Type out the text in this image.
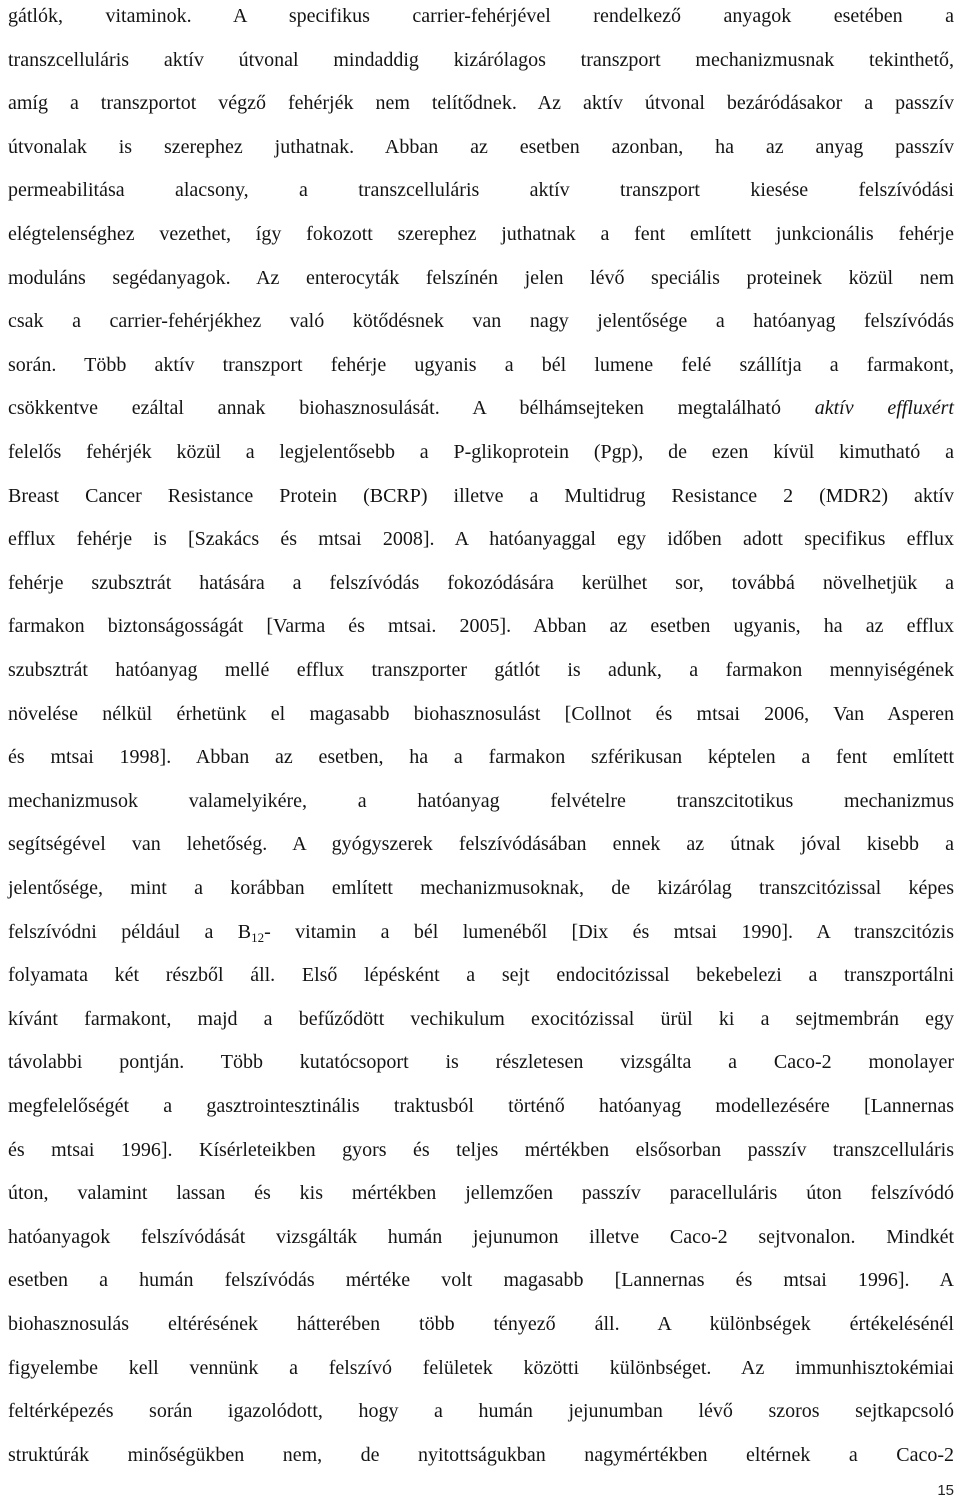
gátlók, vitaminok. A specifikus carrier-fehérjével rendelkező anyagok esetében a
transzcelluláris aktív útvonal mindaddig kizárólagos transzport mechanizmusnak tekinthető,
amíg a transzportot végző fehérjék nem telítődnek. Az aktív útvonal bezáródásakor a passzív
útvonalak is szerephez juthatnak. Abban az esetben azonban, ha az anyag passzív
permeabilitása alacsony, a transzcelluláris aktív transzport kiesése felszívódási
elégtelenséghez vezethet, így fokozott szerephez juthatnak a fent említett junkcionális fehérje
moduláns segédanyagok. Az enterocyták felszínén jelen lévő speciális proteinek közül nem
csak a carrier-fehérjékhez való kötődésnek van nagy jelentősége a hatóanyag felszívódás
során. Több aktív transzport fehérje ugyanis a bél lumene felé szállítja a farmakont,
csökkentve ezáltal annak biohasznosulását. A bélhámsejteken megtalálható aktív effluxért
felelős fehérjék közül a legjelentősebb a P-glikoprotein (Pgp), de ezen kívül kimutható a
Breast Cancer Resistance Protein (BCRP) illetve a Multidrug Resistance 2 (MDR2) aktív
efflux fehérje is [Szakács és mtsai 2008]. A hatóanyaggal egy időben adott specifikus efflux
fehérje szubsztrát hatására a felszívódás fokozódására kerülhet sor, továbbá növelhetjük a
farmakon biztonságosságát [Varma és mtsai. 2005]. Abban az esetben ugyanis, ha az efflux
szubsztrát hatóanyag mellé efflux transzporter gátlót is adunk, a farmakon mennyiségének
növelése nélkül érhetünk el magasabb biohasznosulást [Collnot és mtsai 2006, Van Asperen
és mtsai 1998]. Abban az esetben, ha a farmakon szférikusan képtelen a fent említett
mechanizmusok valamelyikére, a hatóanyag felvételre transzcitotikus mechanizmus
segítségével van lehetőség. A gyógyszerek felszívódásában ennek az útnak jóval kisebb a
jelentősége, mint a korábban említett mechanizmusoknak, de kizárólag transzcitózissal képes
felszívódni például a $B_{12}-$ vitamin a bél lumenéből [Dix és mtsai 1990]. A transzcitózis
folyamata két részből áll. Első lépésként a sejt endocitózissal bekebelezi a transzportálni
kívánt farmakont, majd a befűződött vechikulum exocitózissal ürül ki a sejtmembrán egy
távolabbi pontján. Több kutatócsoport is részletesen vizsgálta a Caco-2 monolayer
megfelelőségét a gasztrointesztinális traktusból történő hatóanyag modellezésére [Lannernas
és mtsai 1996]. Kísérleteikben gyors és teljes mértékben elsősorban passzív transzcelluláris
úton, valamint lassan és kis mértékben jellemzően passzív paracelluláris úton felszívódó
hatóanyagok felszívódását vizsgálták humán jejunumon illetve Caco-2 sejtvonalon. Mindkét
esetben a humán felszívódás mértéke volt magasabb [Lannernas és mtsai 1996]. A
biohasznosulás eltérésének hátterében több tényező áll. A különbségek értékelésénél
figyelembe kell vennünk a felszívó felületek közötti különbséget. Az immunhisztokémiai
feltérképezés során igazolódott, hogy a humán jejunumban lévő szoros sejtkapcsoló
struktúrák minőségükben nem, de nyitottságukban nagymértékben eltérnek a Caco-2
15
